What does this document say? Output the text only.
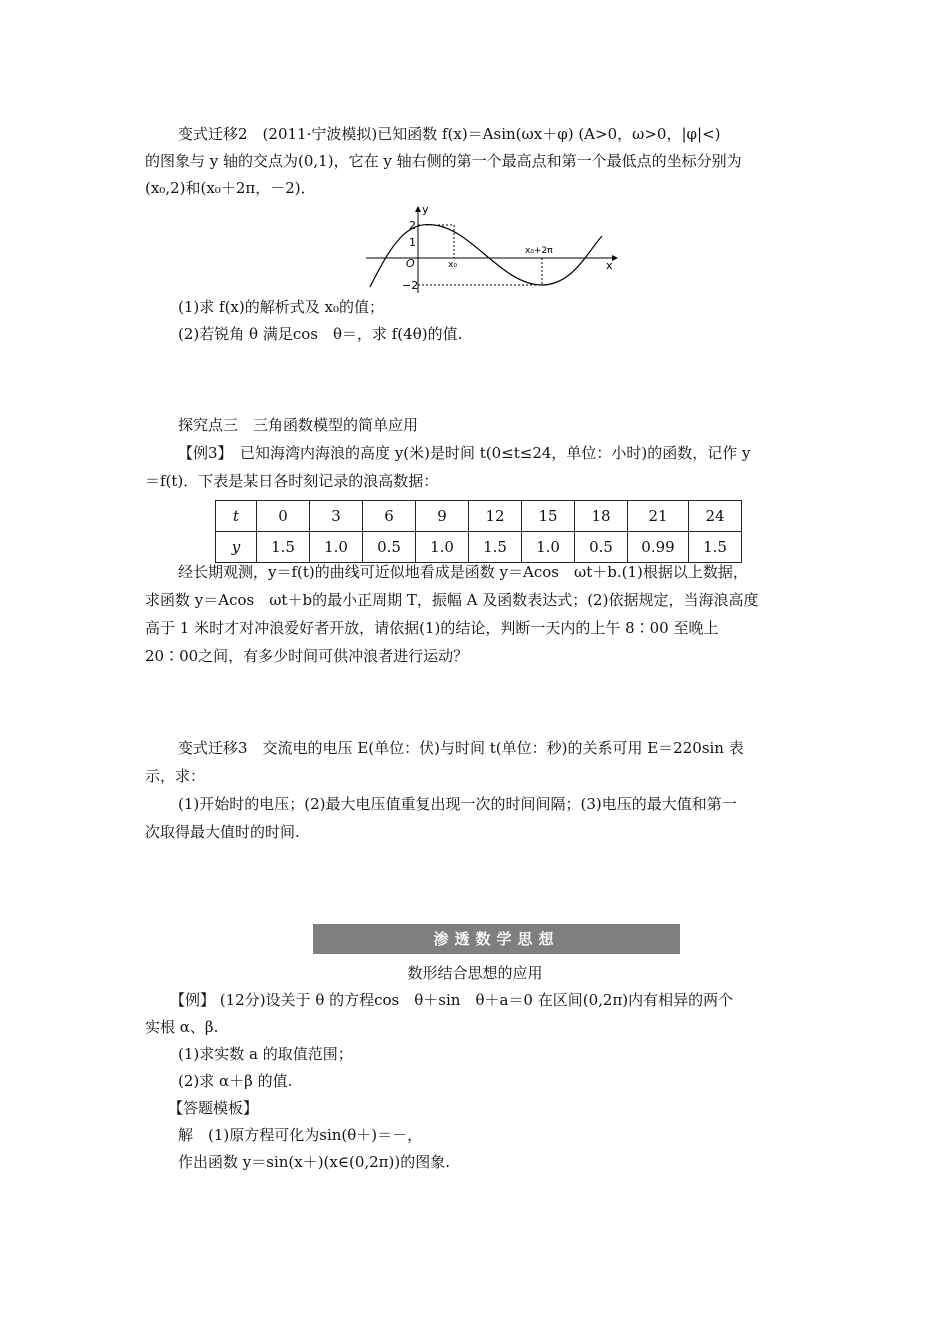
变式迁移2　(2011·宁波模拟)已知函数 f(x)＝Asin(ωx＋φ) (A>0，ω>0，|φ|<)
的图象与 y 轴的交点为(0,1)，它在 y 轴右侧的第一个最高点和第一个最低点的坐标分别为
(x₀,2)和(x₀＋2π，－2)．
y
x
O
2
1
−2
x₀
x₀+2π
(1)求 f(x)的解析式及 x₀的值；
(2)若锐角 θ 满足cos　θ＝，求 f(4θ)的值.
探究点三　三角函数模型的简单应用
【例3】　已知海湾内海浪的高度 y(米)是时间 t(0≤t≤24，单位：小时)的函数，记作 y
＝f(t)．下表是某日各时刻记录的浪高数据：
t	0	3	6	9	12	15	18	21	24
y	1.5	1.0	0.5	1.0	1.5	1.0	0.5	0.99	1.5
经长期观测，y＝f(t)的曲线可近似地看成是函数 y＝Acos　ωt＋b.(1)根据以上数据，
求函数 y＝Acos　ωt＋b的最小正周期 T，振幅 A 及函数表达式；(2)依据规定，当海浪高度
高于 1 米时才对冲浪爱好者开放，请依据(1)的结论，判断一天内的上午 8∶00 至晚上
20∶00之间，有多少时间可供冲浪者进行运动？
变式迁移3　交流电的电压 E(单位：伏)与时间 t(单位：秒)的关系可用 E＝220sin 表
示，求：
(1)开始时的电压；(2)最大电压值重复出现一次的时间间隔；(3)电压的最大值和第一
次取得最大值时的时间.
渗透数学思想
数形结合思想的应用
【例】 (12分)设关于 θ 的方程cos　θ＋sin　θ＋a＝0 在区间(0,2π)内有相异的两个
实根 α、β.
(1)求实数 a 的取值范围；
(2)求 α＋β 的值.
【答题模板】
解　(1)原方程可化为sin(θ＋)＝－，
作出函数 y＝sin(x＋)(x∈(0,2π))的图象.
